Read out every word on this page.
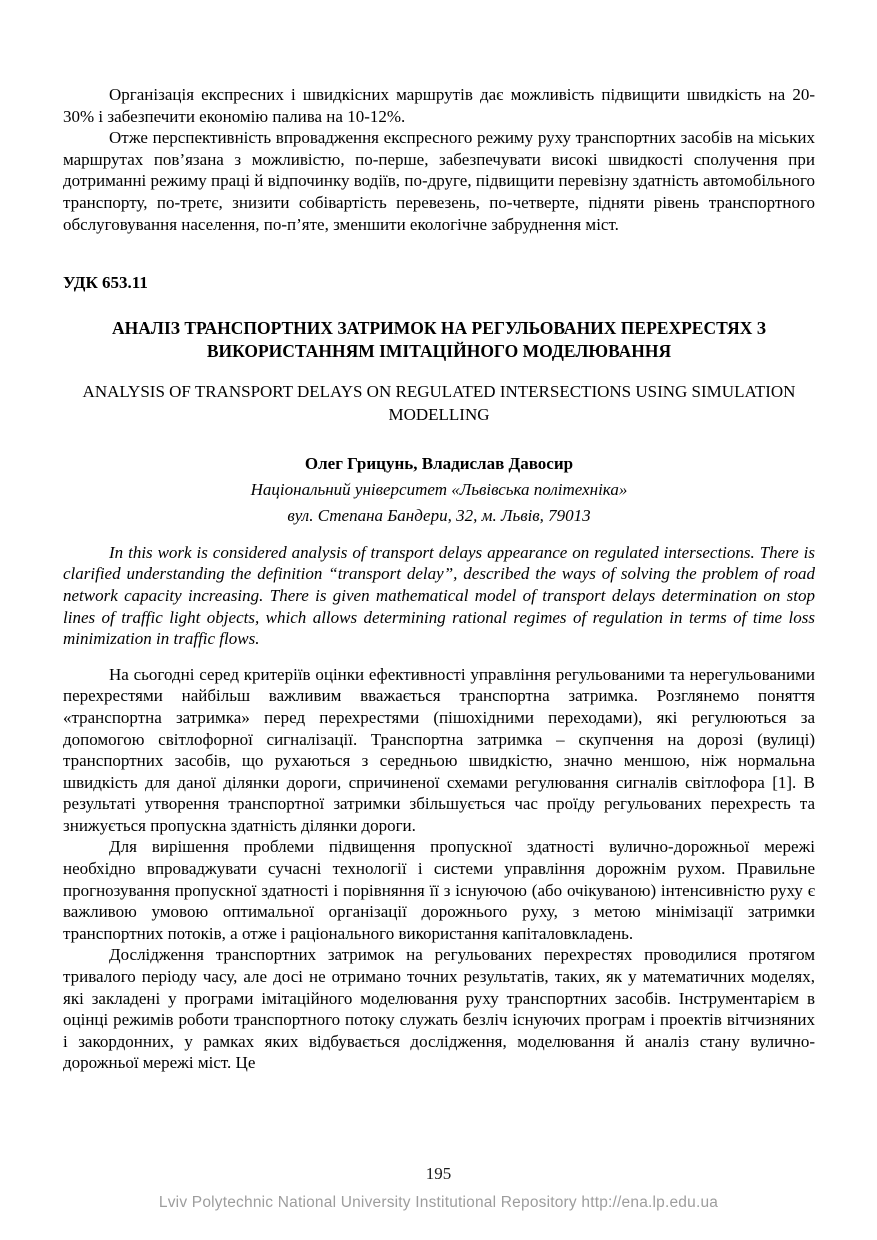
Організація експресних і швидкісних маршрутів дає можливість підвищити швидкість на 20-30% і забезпечити економію палива на 10-12%.

Отже перспективність впровадження експресного режиму руху транспортних засобів на міських маршрутах пов’язана з можливістю, по-перше, забезпечувати високі швидкості сполучення при дотриманні режиму праці й відпочинку водіїв, по-друге, підвищити перевізну здатність автомобільного транспорту, по-третє, знизити собівартість перевезень, по-четверте, підняти рівень транспортного обслуговування населення, по-п’яте, зменшити екологічне забруднення міст.

УДК 653.11

АНАЛІЗ ТРАНСПОРТНИХ ЗАТРИМОК НА РЕГУЛЬОВАНИХ ПЕРЕХРЕСТЯХ З ВИКОРИСТАННЯМ ІМІТАЦІЙНОГО МОДЕЛЮВАННЯ

ANALYSIS OF TRANSPORT DELAYS ON REGULATED INTERSECTIONS USING SIMULATION MODELLING

Олег Грицунь, Владислав Давосир

Національний університет «Львівська політехніка»

вул. Степана Бандери, 32, м. Львів, 79013

In this work is considered analysis of transport delays appearance on regulated intersections. There is clarified understanding the definition “transport delay”, described the ways of solving the problem of road network capacity increasing. There is given mathematical model of transport delays determination on stop lines of traffic light objects, which allows determining rational regimes of regulation in terms of time loss minimization in traffic flows.

На сьогодні серед критеріїв оцінки ефективності управління регульованими та нерегульованими перехрестями найбільш важливим вважається транспортна затримка. Розглянемо поняття «транспортна затримка» перед перехрестями (пішохідними переходами), які регулюються за допомогою світлофорної сигналізації. Транспортна затримка – скупчення на дорозі (вулиці) транспортних засобів, що рухаються з середньою швидкістю, значно меншою, ніж нормальна швидкість для даної ділянки дороги, спричиненої схемами регулювання сигналів світлофора [1]. В результаті утворення транспортної затримки збільшується час проїду регульованих перехресть та знижується пропускна здатність ділянки дороги.

Для вирішення проблеми підвищення пропускної здатності вулично-дорожньої мережі необхідно впроваджувати сучасні технології і системи управління дорожнім рухом. Правильне прогнозування пропускної здатності і порівняння її з існуючою (або очікуваною) інтенсивністю руху є важливою умовою оптимальної організації дорожнього руху, з метою мінімізації затримки транспортних потоків, а отже і раціонального використання капіталовкладень.

Дослідження транспортних затримок на регульованих перехрестях проводилися протягом тривалого періоду часу, але досі не отримано точних результатів, таких, як у математичних моделях, які закладені у програми імітаційного моделювання руху транспортних засобів. Інструментарієм в оцінці режимів роботи транспортного потоку служать безліч існуючих програм і проектів вітчизняних і закордонних, у рамках яких відбувається дослідження, моделювання й аналіз стану вулично-дорожньої мережі міст. Це

195
Lviv Polytechnic National University Institutional Repository http://ena.lp.edu.ua
